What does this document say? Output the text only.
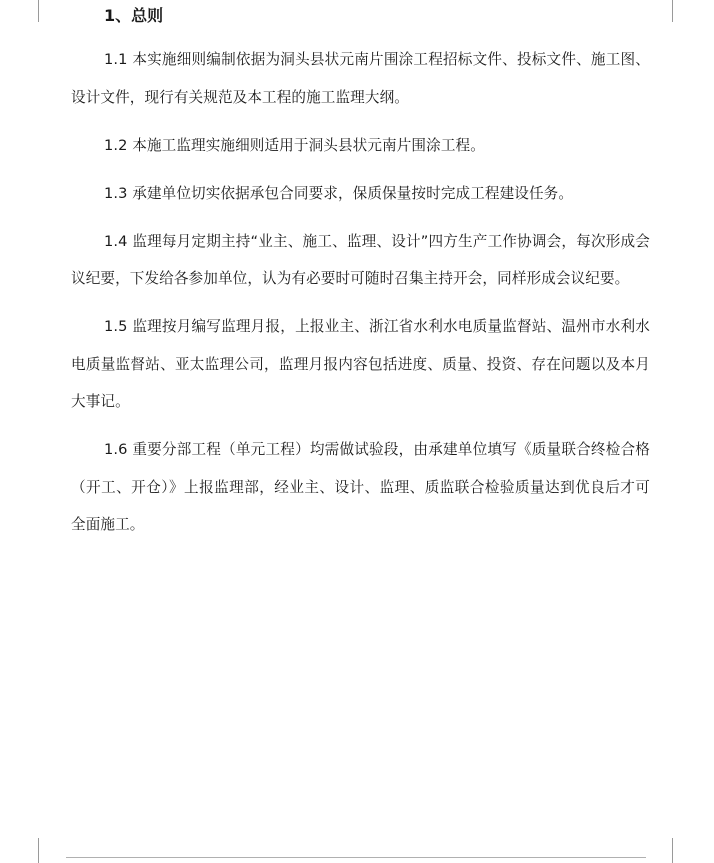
1、总则

1.1 本实施细则编制依据为洞头县状元南片围涂工程招标文件、投标文件、施工图、设计文件，现行有关规范及本工程的施工监理大纲。

1.2 本施工监理实施细则适用于洞头县状元南片围涂工程。

1.3 承建单位切实依据承包合同要求，保质保量按时完成工程建设任务。

1.4 监理每月定期主持“业主、施工、监理、设计”四方生产工作协调会，每次形成会议纪要，下发给各参加单位，认为有必要时可随时召集主持开会，同样形成会议纪要。

1.5 监理按月编写监理月报，上报业主、浙江省水利水电质量监督站、温州市水利水电质量监督站、亚太监理公司，监理月报内容包括进度、质量、投资、存在问题以及本月大事记。

1.6 重要分部工程（单元工程）均需做试验段，由承建单位填写《质量联合终检合格（开工、开仓）》上报监理部，经业主、设计、监理、质监联合检验质量达到优良后才可全面施工。
